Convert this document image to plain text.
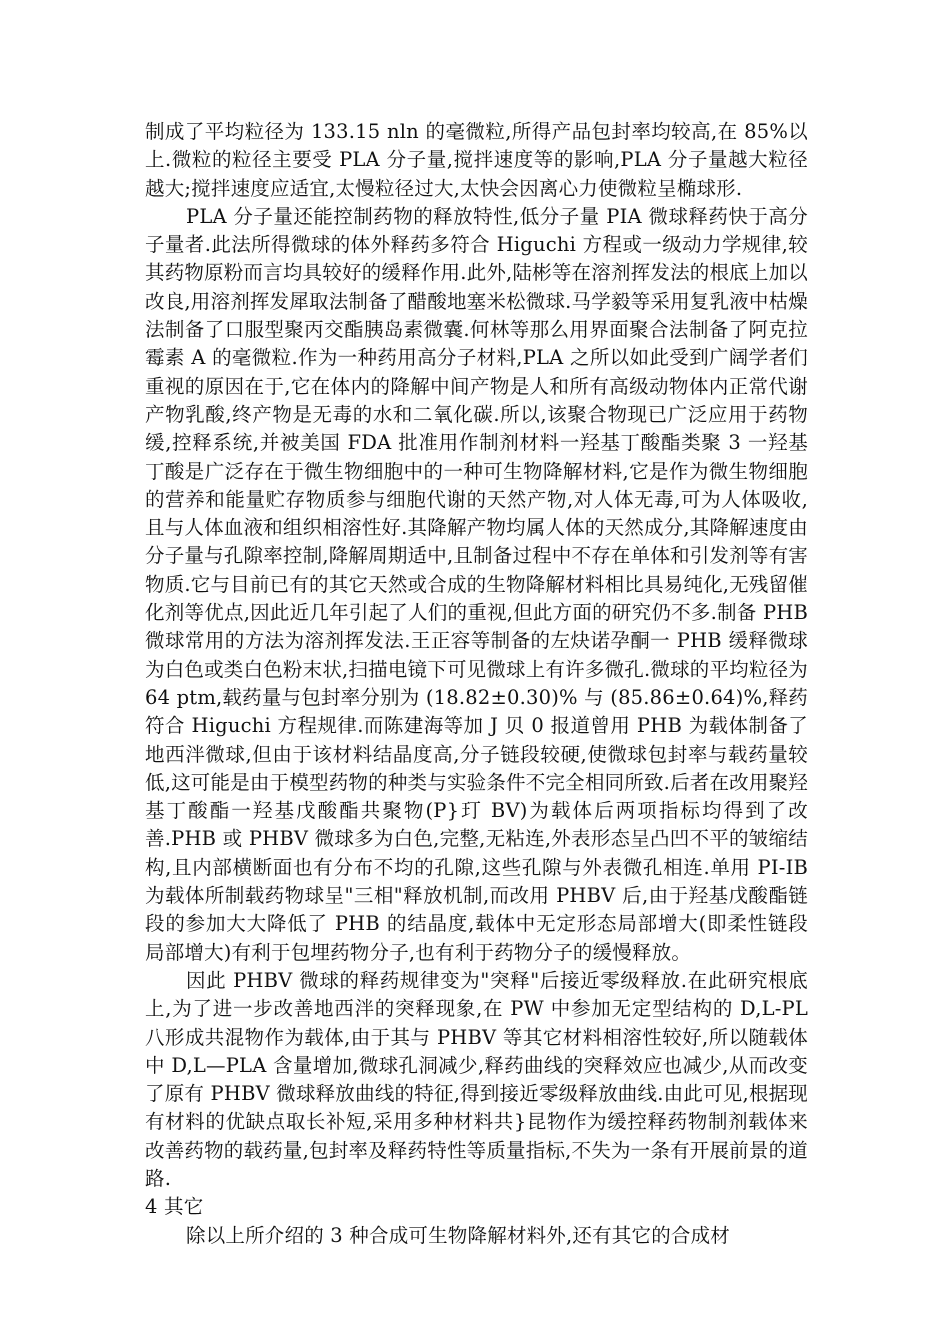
制成了平均粒径为 133.15 nln 的毫微粒,所得产品包封率均较高,在 85%以上.微粒的粒径主要受 PLA 分子量,搅拌速度等的影响,PLA 分子量越大粒径越大;搅拌速度应适宜,太慢粒径过大,太快会因离心力使微粒呈椭球形.

PLA 分子量还能控制药物的释放特性,低分子量 PIA 微球释药快于高分子量者.此法所得微球的体外释药多符合 Higuchi 方程或一级动力学规律,较其药物原粉而言均具较好的缓释作用.此外,陆彬等在溶剂挥发法的根底上加以改良,用溶剂挥发犀取法制备了醋酸地塞米松微球.马学毅等采用复乳液中枯燥法制备了口服型聚丙交酯胰岛素微囊.何林等那么用界面聚合法制备了阿克拉霉素 A 的毫微粒.作为一种药用高分子材料,PLA 之所以如此受到广阔学者们重视的原因在于,它在体内的降解中间产物是人和所有高级动物体内正常代谢产物乳酸,终产物是无毒的水和二氧化碳.所以,该聚合物现已广泛应用于药物缓,控释系统,并被美国 FDA 批准用作制剂材料一羟基丁酸酯类聚 3 一羟基丁酸是广泛存在于微生物细胞中的一种可生物降解材料,它是作为微生物细胞的营养和能量贮存物质参与细胞代谢的天然产物,对人体无毒,可为人体吸收,且与人体血液和组织相溶性好.其降解产物均属人体的天然成分,其降解速度由分子量与孔隙率控制,降解周期适中,且制备过程中不存在单体和引发剂等有害物质.它与目前已有的其它天然或合成的生物降解材料相比具易纯化,无残留催化剂等优点,因此近几年引起了人们的重视,但此方面的研究仍不多.制备 PHB 微球常用的方法为溶剂挥发法.王正容等制备的左炔诺孕酮一 PHB 缓释微球为白色或类白色粉末状,扫描电镜下可见微球上有许多微孔.微球的平均粒径为 64 ptm,载药量与包封率分别为 (18.82±0.30)% 与 (85.86±0.64)%,释药符合 Higuchi 方程规律.而陈建海等加 J 贝 0 报道曾用 PHB 为载体制备了地西泮微球,但由于该材料结晶度高,分子链段较硬,使微球包封率与载药量较低,这可能是由于模型药物的种类与实验条件不完全相同所致.后者在改用聚羟基丁酸酯一羟基戊酸酯共聚物(P}玎 BV)为载体后两项指标均得到了改善.PHB 或 PHBV 微球多为白色,完整,无粘连,外表形态呈凸凹不平的皱缩结构,且内部横断面也有分布不均的孔隙,这些孔隙与外表微孔相连.单用 PI-IB 为载体所制载药物球呈"三相"释放机制,而改用 PHBV 后,由于羟基戊酸酯链段的参加大大降低了 PHB 的结晶度,载体中无定形态局部增大(即柔性链段局部增大)有利于包埋药物分子,也有利于药物分子的缓慢释放。

因此 PHBV 微球的释药规律变为"突释"后接近零级释放.在此研究根底上,为了进一步改善地西泮的突释现象,在 PW 中参加无定型结构的 D,L-PL 八形成共混物作为载体,由于其与 PHBV 等其它材料相溶性较好,所以随载体中 D,L—PLA 含量增加,微球孔洞减少,释药曲线的突释效应也减少,从而改变了原有 PHBV 微球释放曲线的特征,得到接近零级释放曲线.由此可见,根据现有材料的优缺点取长补短,采用多种材料共}昆物作为缓控释药物制剂载体来改善药物的载药量,包封率及释药特性等质量指标,不失为一条有开展前景的道路.

4 其它

除以上所介绍的 3 种合成可生物降解材料外,还有其它的合成材
